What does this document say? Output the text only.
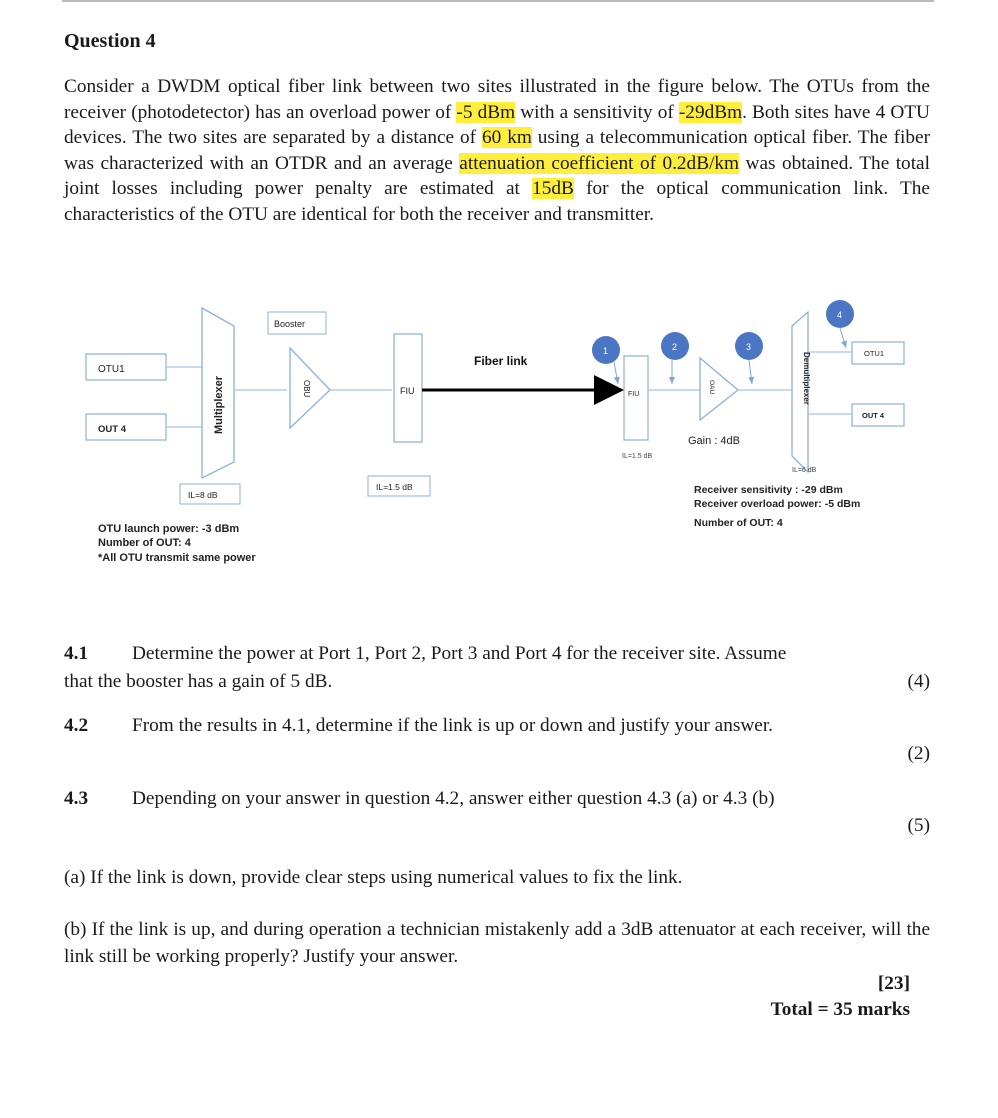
Question 4
Consider a DWDM optical fiber link between two sites illustrated in the figure below. The OTUs from the receiver (photodetector) has an overload power of -5 dBm with a sensitivity of -29dBm. Both sites have 4 OTU devices. The two sites are separated by a distance of 60 km using a telecommunication optical fiber. The fiber was characterized with an OTDR and an average attenuation coefficient of 0.2dB/km was obtained. The total joint losses including power penalty are estimated at 15dB for the optical communication link. The characteristics of the OTU are identical for both the receiver and transmitter.
OTU1
OUT 4	Multiplexer
Booster
OBU	FIU
IL=8 dB
IL=1.5 dB
OTU launch power: -3 dBm
Number of OUT: 4
*All OTU transmit same power
Fiber link
FIU
IL=1.5 dB
OAU
Gain : 4dB
Demultiplexer
IL=6 dB
OTU1
OUT 4
1	2	3
4
Receiver sensitivity : -29 dBm
Receiver overload power: -5 dBm
Number of OUT: 4
4.1 Determine the power at Port 1, Port 2, Port 3 and Port 4 for the receiver site. Assume
that the booster has a gain of 5 dB.	(4)
4.2 From the results in 4.1, determine if the link is up or down and justify your answer.
(2)
4.3 Depending on your answer in question 4.2, answer either question 4.3 (a) or 4.3 (b)
(5)
(a) If the link is down, provide clear steps using numerical values to fix the link.
(b) If the link is up, and during operation a technician mistakenly add a 3dB attenuator at each receiver, will the link still be working properly? Justify your answer.
[23]
Total = 35 marks
